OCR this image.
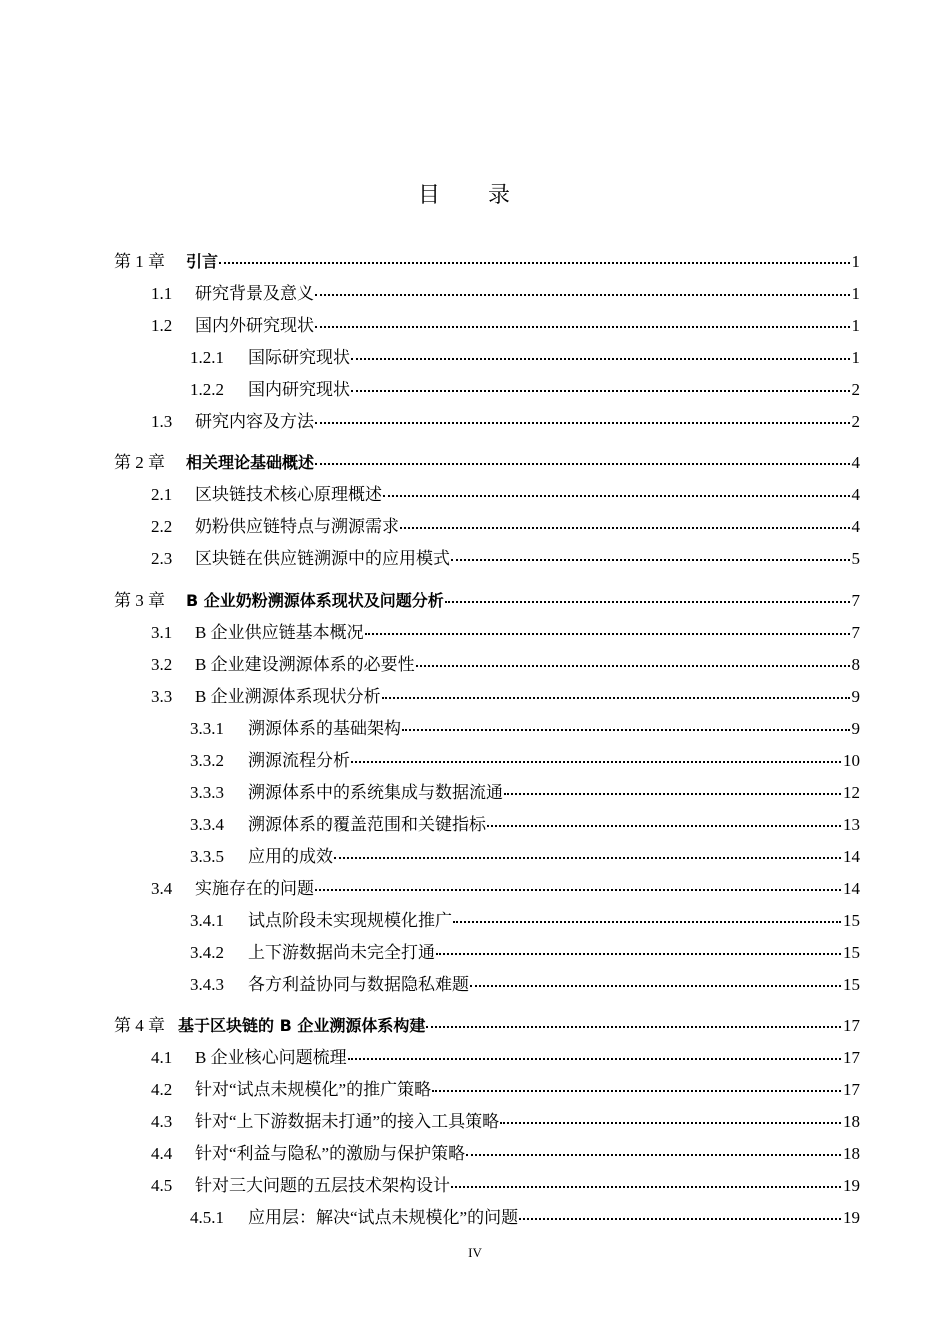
目录
第 1 章	引言	1
1.1	研究背景及意义	1
1.2	国内外研究现状	1
1.2.1	国际研究现状	1
1.2.2	国内研究现状	2
1.3	研究内容及方法	2
第 2 章	相关理论基础概述	4
2.1	区块链技术核心原理概述	4
2.2	奶粉供应链特点与溯源需求	4
2.3	区块链在供应链溯源中的应用模式	5
第 3 章	B 企业奶粉溯源体系现状及问题分析	7
3.1	B 企业供应链基本概况	7
3.2	B 企业建设溯源体系的必要性	8
3.3	B 企业溯源体系现状分析	9
3.3.1	溯源体系的基础架构	9
3.3.2	溯源流程分析	10
3.3.3	溯源体系中的系统集成与数据流通	12
3.3.4	溯源体系的覆盖范围和关键指标	13
3.3.5	应用的成效	14
3.4	实施存在的问题	14
3.4.1	试点阶段未实现规模化推广	15
3.4.2	上下游数据尚未完全打通	15
3.4.3	各方利益协同与数据隐私难题	15
第 4 章 基于区块链的 B 企业溯源体系构建	17
4.1	B 企业核心问题梳理	17
4.2	针对“试点未规模化”的推广策略	17
4.3	针对“上下游数据未打通”的接入工具策略	18
4.4	针对“利益与隐私”的激励与保护策略	18
4.5	针对三大问题的五层技术架构设计	19
4.5.1	应用层：解决“试点未规模化”的问题	19
IV
